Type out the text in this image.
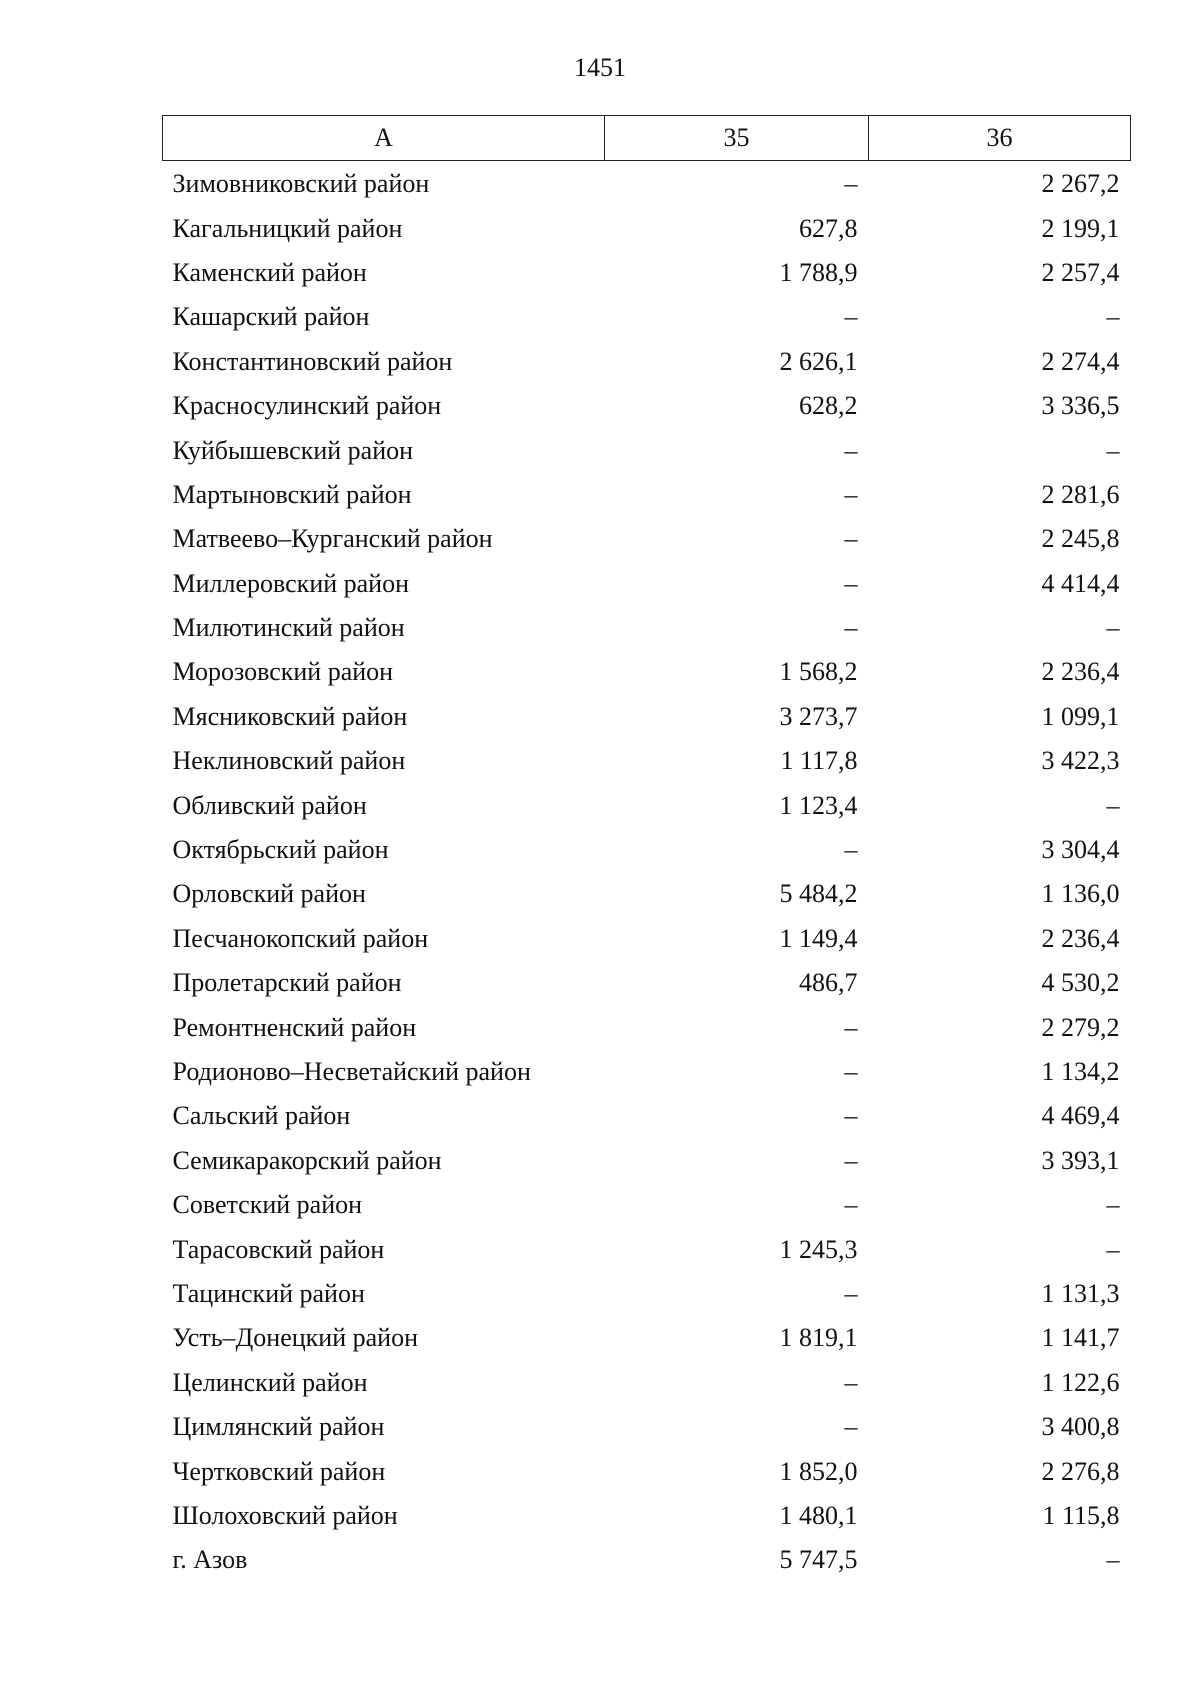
1451
А	35	36
Зимовниковский район	–	2 267,2
Кагальницкий район	627,8	2 199,1
Каменский район	1 788,9	2 257,4
Кашарский район	–	–
Константиновский район	2 626,1	2 274,4
Красносулинский район	628,2	3 336,5
Куйбышевский район	–	–
Мартыновский район	–	2 281,6
Матвеево–Курганский район	–	2 245,8
Миллеровский район	–	4 414,4
Милютинский район	–	–
Морозовский район	1 568,2	2 236,4
Мясниковский район	3 273,7	1 099,1
Неклиновский район	1 117,8	3 422,3
Обливский район	1 123,4	–
Октябрьский район	–	3 304,4
Орловский район	5 484,2	1 136,0
Песчанокопский район	1 149,4	2 236,4
Пролетарский район	486,7	4 530,2
Ремонтненский район	–	2 279,2
Родионово–Несветайский район	–	1 134,2
Сальский район	–	4 469,4
Семикаракорский район	–	3 393,1
Советский район	–	–
Тарасовский район	1 245,3	–
Тацинский район	–	1 131,3
Усть–Донецкий район	1 819,1	1 141,7
Целинский район	–	1 122,6
Цимлянский район	–	3 400,8
Чертковский район	1 852,0	2 276,8
Шолоховский район	1 480,1	1 115,8
г. Азов	5 747,5	–
